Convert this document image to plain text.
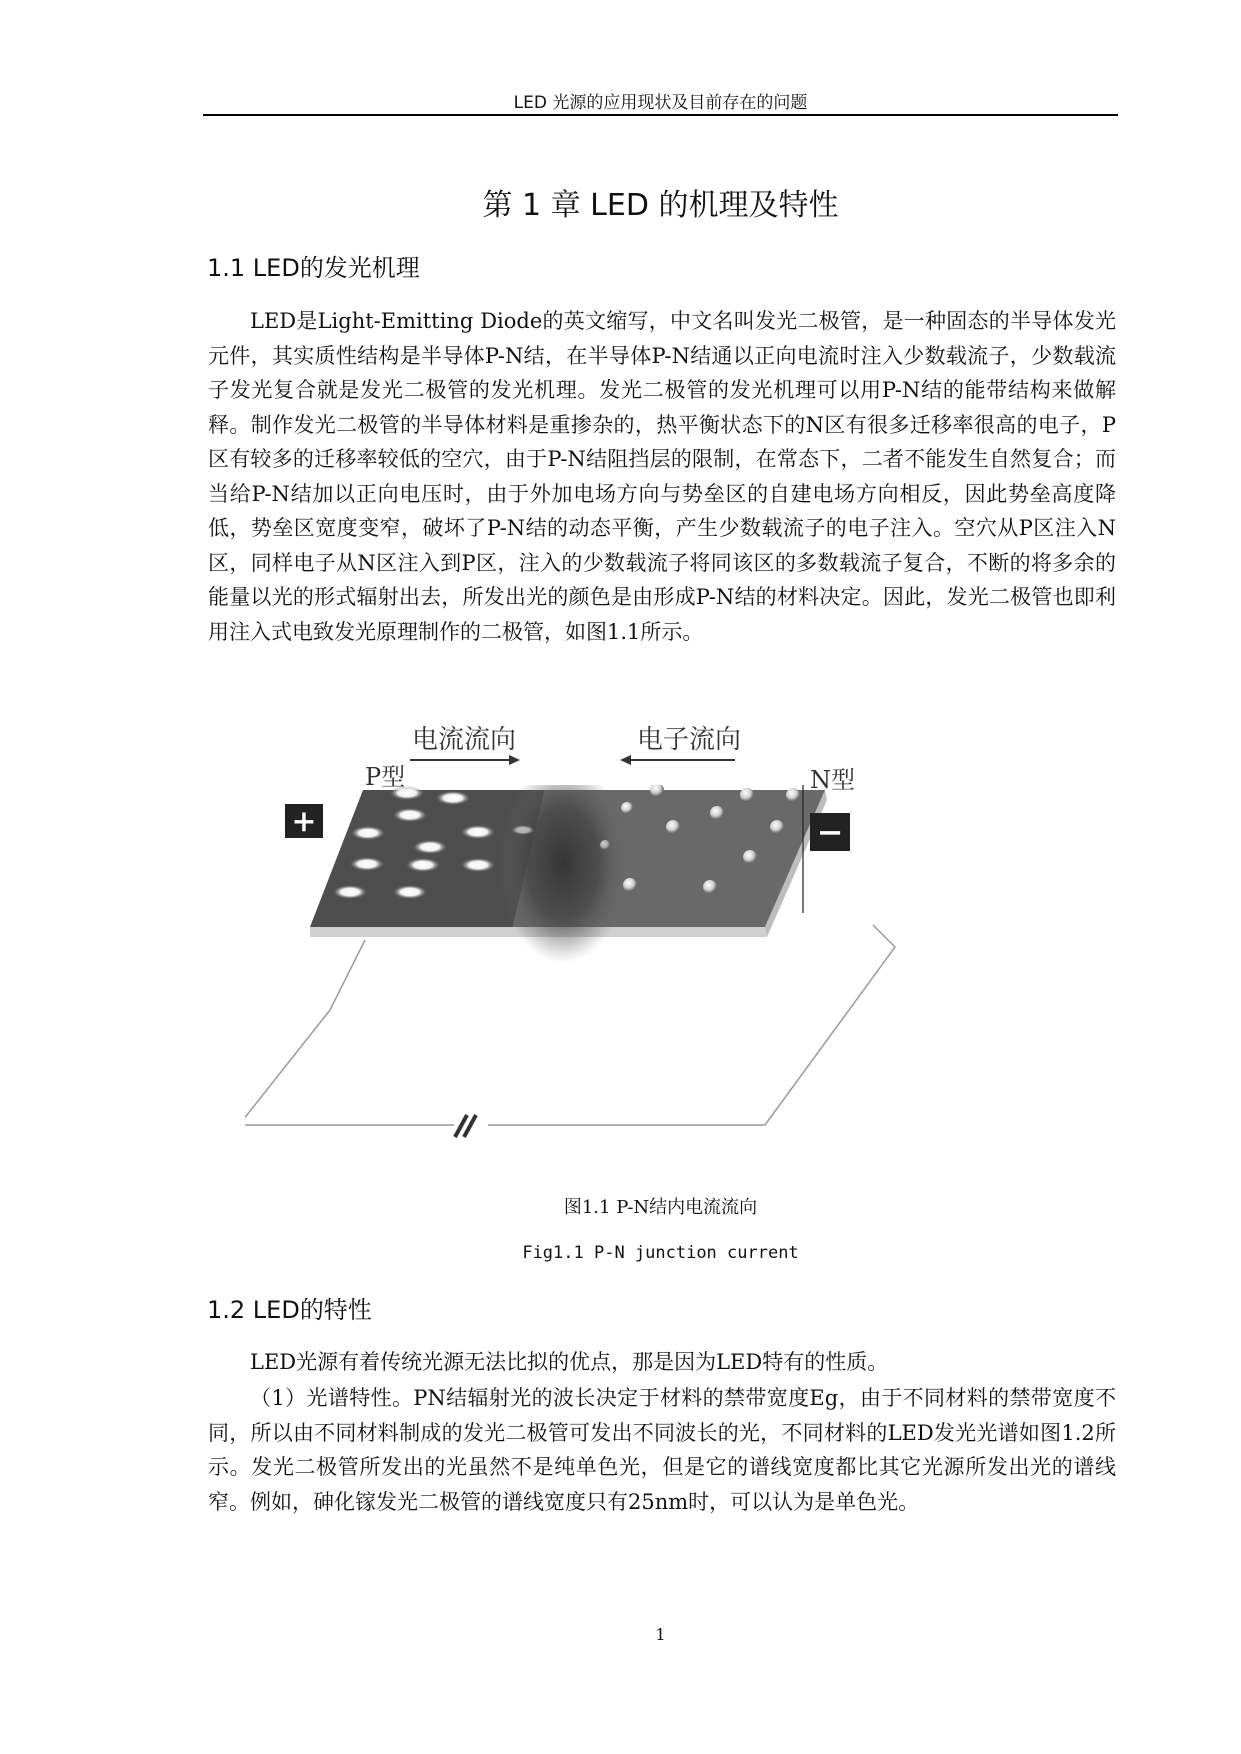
LED 光源的应用现状及目前存在的问题
第 1 章 LED 的机理及特性
1.1 LED的发光机理

LED是Light-Emitting Diode的英文缩写，中文名叫发光二极管，是一种固态的半导体发光元件，其实质性结构是半导体P-N结，在半导体P-N结通以正向电流时注入少数载流子，少数载流子发光复合就是发光二极管的发光机理。发光二极管的发光机理可以用P-N结的能带结构来做解释。制作发光二极管的半导体材料是重掺杂的，热平衡状态下的N区有很多迁移率很高的电子，P区有较多的迁移率较低的空穴，由于P-N结阻挡层的限制，在常态下，二者不能发生自然复合；而当给P-N结加以正向电压时，由于外加电场方向与势垒区的自建电场方向相反，因此势垒高度降低，势垒区宽度变窄，破坏了P-N结的动态平衡，产生少数载流子的电子注入。空穴从P区注入N区，同样电子从N区注入到P区，注入的少数载流子将同该区的多数载流子复合，不断的将多余的能量以光的形式辐射出去，所发出光的颜色是由形成P-N结的材料决定。因此，发光二极管也即利用注入式电致发光原理制作的二极管，如图1.1所示。

+	−
电流流向	电子流向
P型	N型
图1.1 P-N结内电流流向
Fig1.1 P-N junction current
1.2 LED的特性

LED光源有着传统光源无法比拟的优点，那是因为LED特有的性质。

（1）光谱特性。PN结辐射光的波长决定于材料的禁带宽度Eg，由于不同材料的禁带宽度不同，所以由不同材料制成的发光二极管可发出不同波长的光，不同材料的LED发光光谱如图1.2所示。发光二极管所发出的光虽然不是纯单色光，但是它的谱线宽度都比其它光源所发出光的谱线窄。例如，砷化镓发光二极管的谱线宽度只有25nm时，可以认为是单色光。

1
